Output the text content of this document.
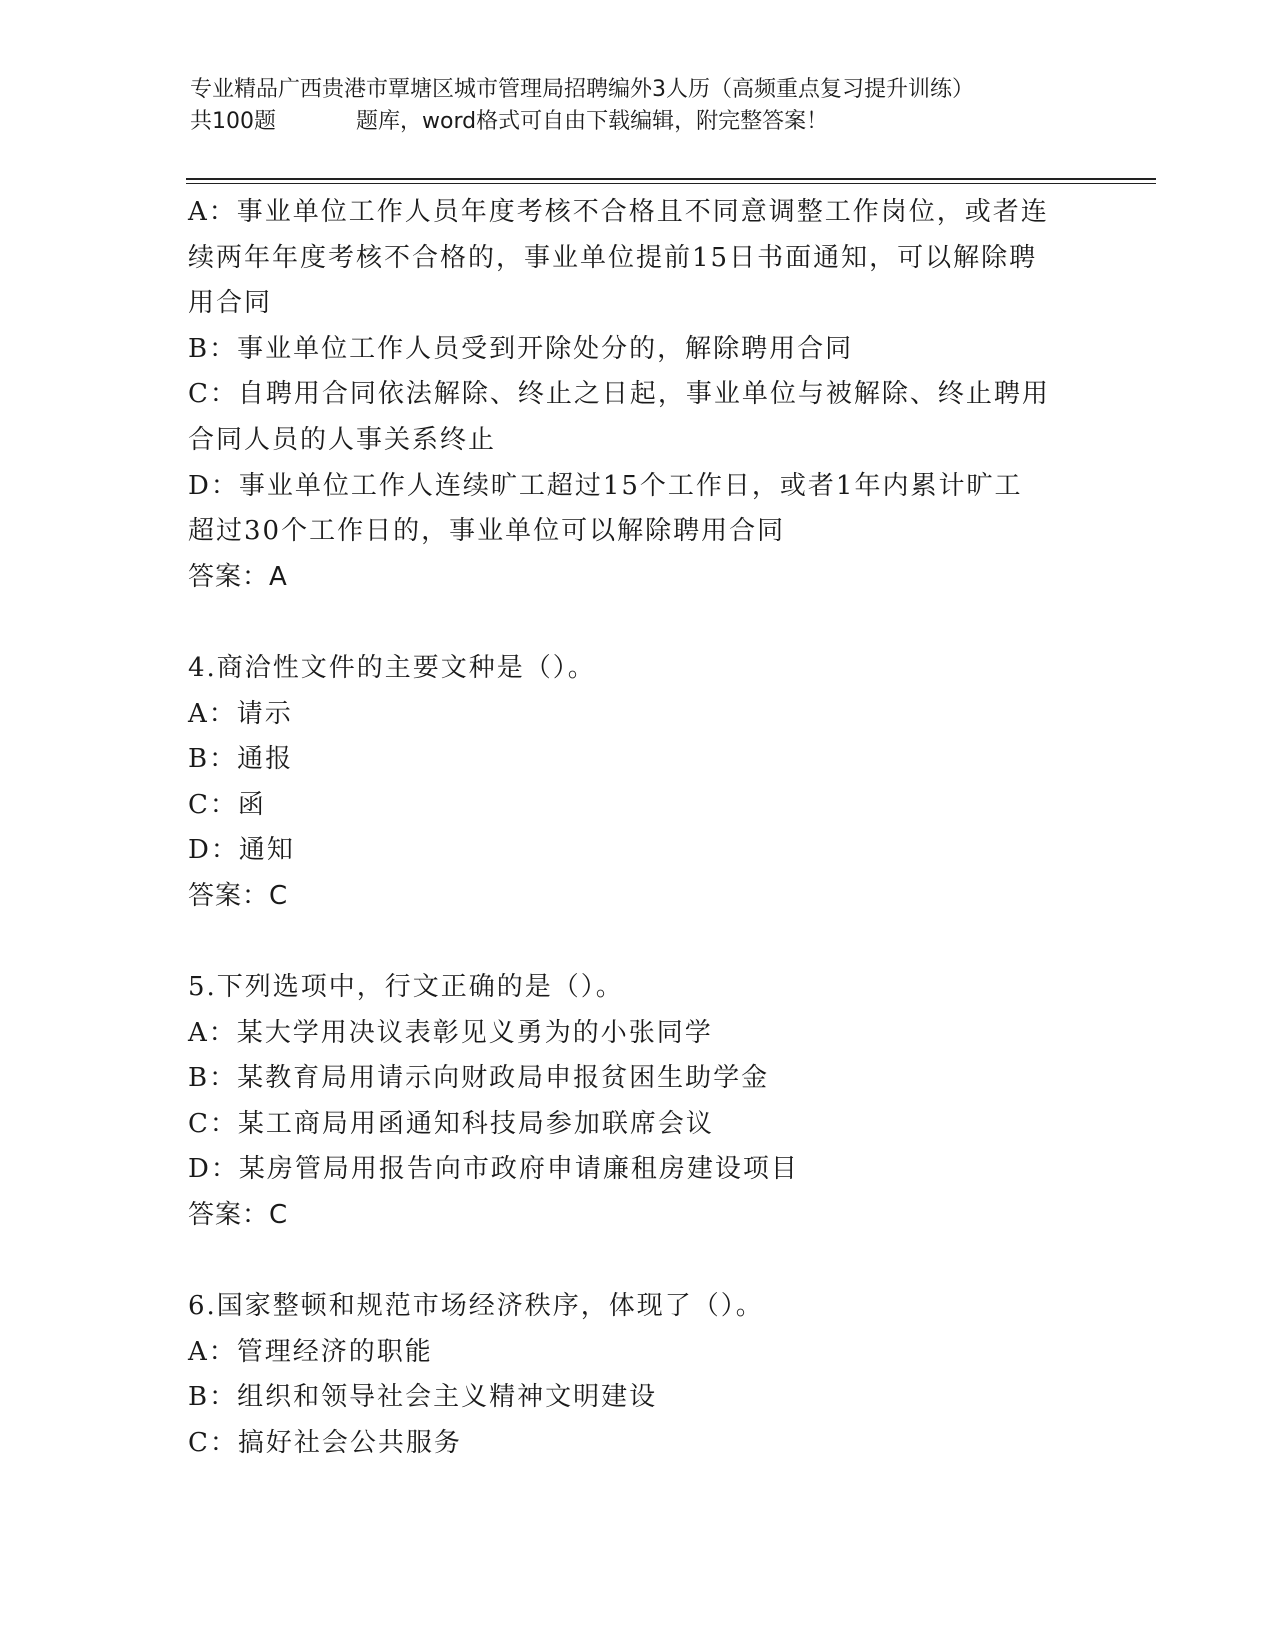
专业精品广西贵港市覃塘区城市管理局招聘编外3人历（高频重点复习提升训练）
共100题	题库，word格式可自由下载编辑，附完整答案！

A：事业单位工作人员年度考核不合格且不同意调整工作岗位，或者连

续两年年度考核不合格的，事业单位提前15日书面通知，可以解除聘

用合同

B：事业单位工作人员受到开除处分的，解除聘用合同

C：自聘用合同依法解除、终止之日起，事业单位与被解除、终止聘用

合同人员的人事关系终止

D：事业单位工作人连续旷工超过15个工作日，或者1年内累计旷工

超过30个工作日的，事业单位可以解除聘用合同

答案：A

4.商洽性文件的主要文种是（）。

A：请示

B：通报

C：函

D：通知

答案：C

5.下列选项中，行文正确的是（）。

A：某大学用决议表彰见义勇为的小张同学

B：某教育局用请示向财政局申报贫困生助学金

C：某工商局用函通知科技局参加联席会议

D：某房管局用报告向市政府申请廉租房建设项目

答案：C

6.国家整顿和规范市场经济秩序，体现了（）。

A：管理经济的职能

B：组织和领导社会主义精神文明建设

C：搞好社会公共服务
